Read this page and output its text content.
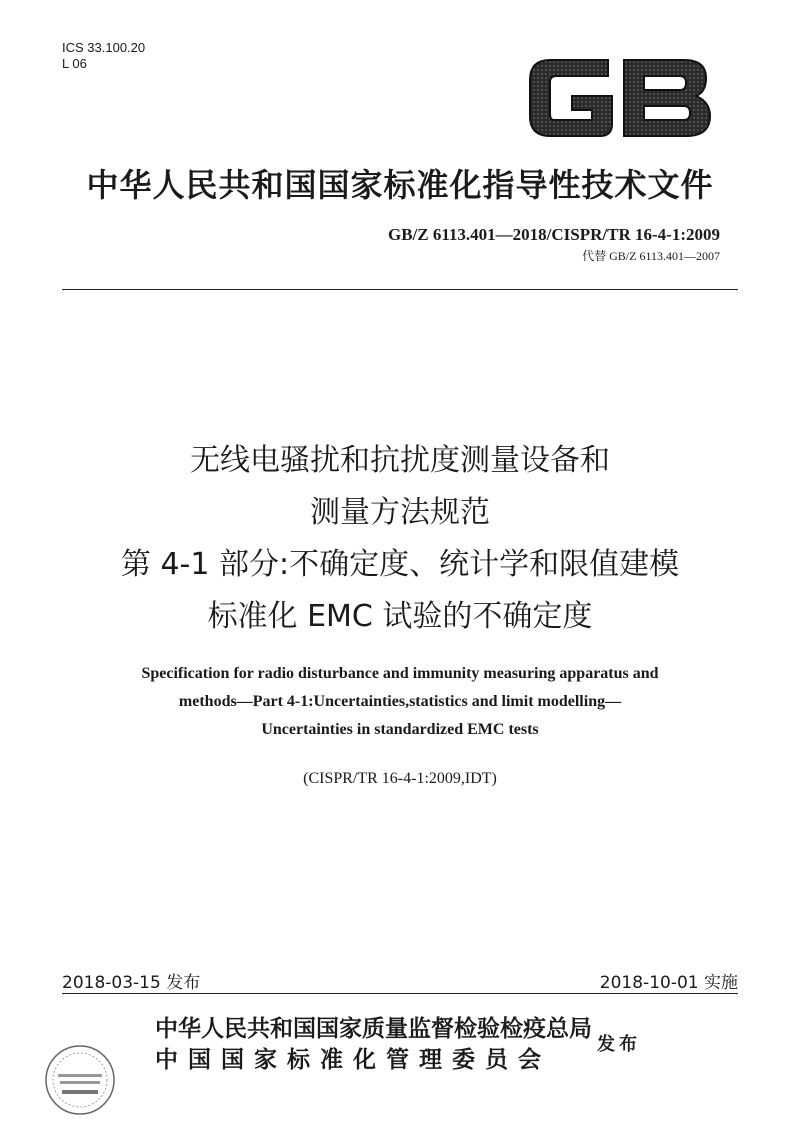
ICS 33.100.20
L 06
中华人民共和国国家标准化指导性技术文件
GB/Z 6113.401—2018/CISPR/TR 16-4-1:2009
代替 GB/Z 6113.401—2007
无线电骚扰和抗扰度测量设备和
测量方法规范
第 4-1 部分:不确定度、统计学和限值建模
标准化 EMC 试验的不确定度
Specification for radio disturbance and immunity measuring apparatus and
methods—Part 4-1:Uncertainties,statistics and limit modelling—
Uncertainties in standardized EMC tests
(CISPR/TR 16-4-1:2009,IDT)
2018-03-15 发布	2018-10-01 实施
中华人民共和国国家质量监督检验检疫总局
中国国家标准化管理委员会
发布
